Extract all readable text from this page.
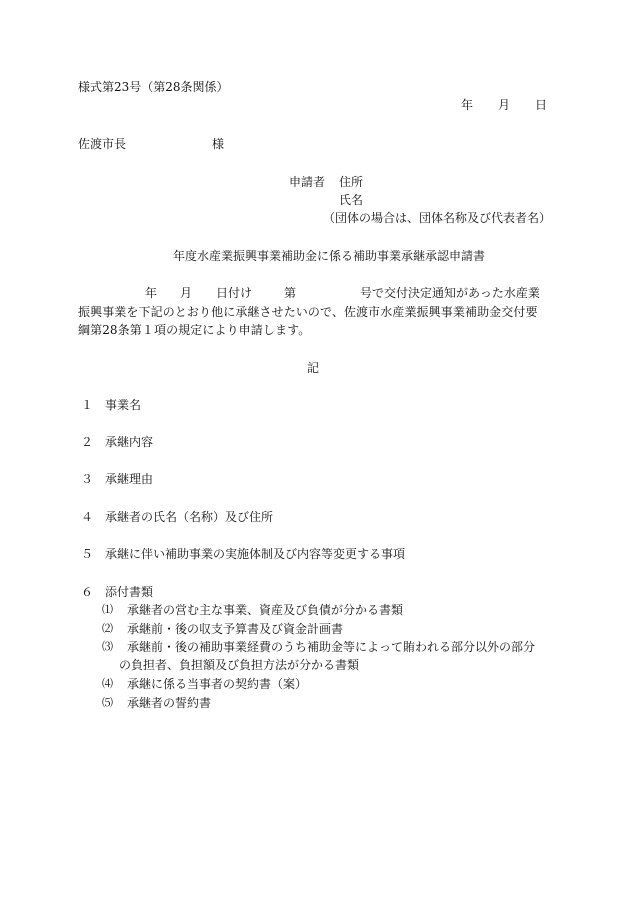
様式第23号（第28条関係）
年 月 日
佐渡市長	様
申請者 住所
氏名
（団体の場合は、団体名称及び代表者名）
年度水産業振興事業補助金に係る補助事業承継承認申請書
年 月 日付け	第	号で交付決定通知があった水産業
振興事業を下記のとおり他に承継させたいので、佐渡市水産業振興事業補助金交付要
綱第28条第１項の規定により申請します。
記
１ 事業名
２ 承継内容
３ 承継理由
４ 承継者の氏名（名称）及び住所
５ 承継に伴い補助事業の実施体制及び内容等変更する事項
６ 添付書類
⑴ 承継者の営む主な事業、資産及び負債が分かる書類
⑵ 承継前・後の収支予算書及び資金計画書
⑶ 承継前・後の補助事業経費のうち補助金等によって賄われる部分以外の部分
の負担者、負担額及び負担方法が分かる書類
⑷ 承継に係る当事者の契約書（案）
⑸ 承継者の誓約書
